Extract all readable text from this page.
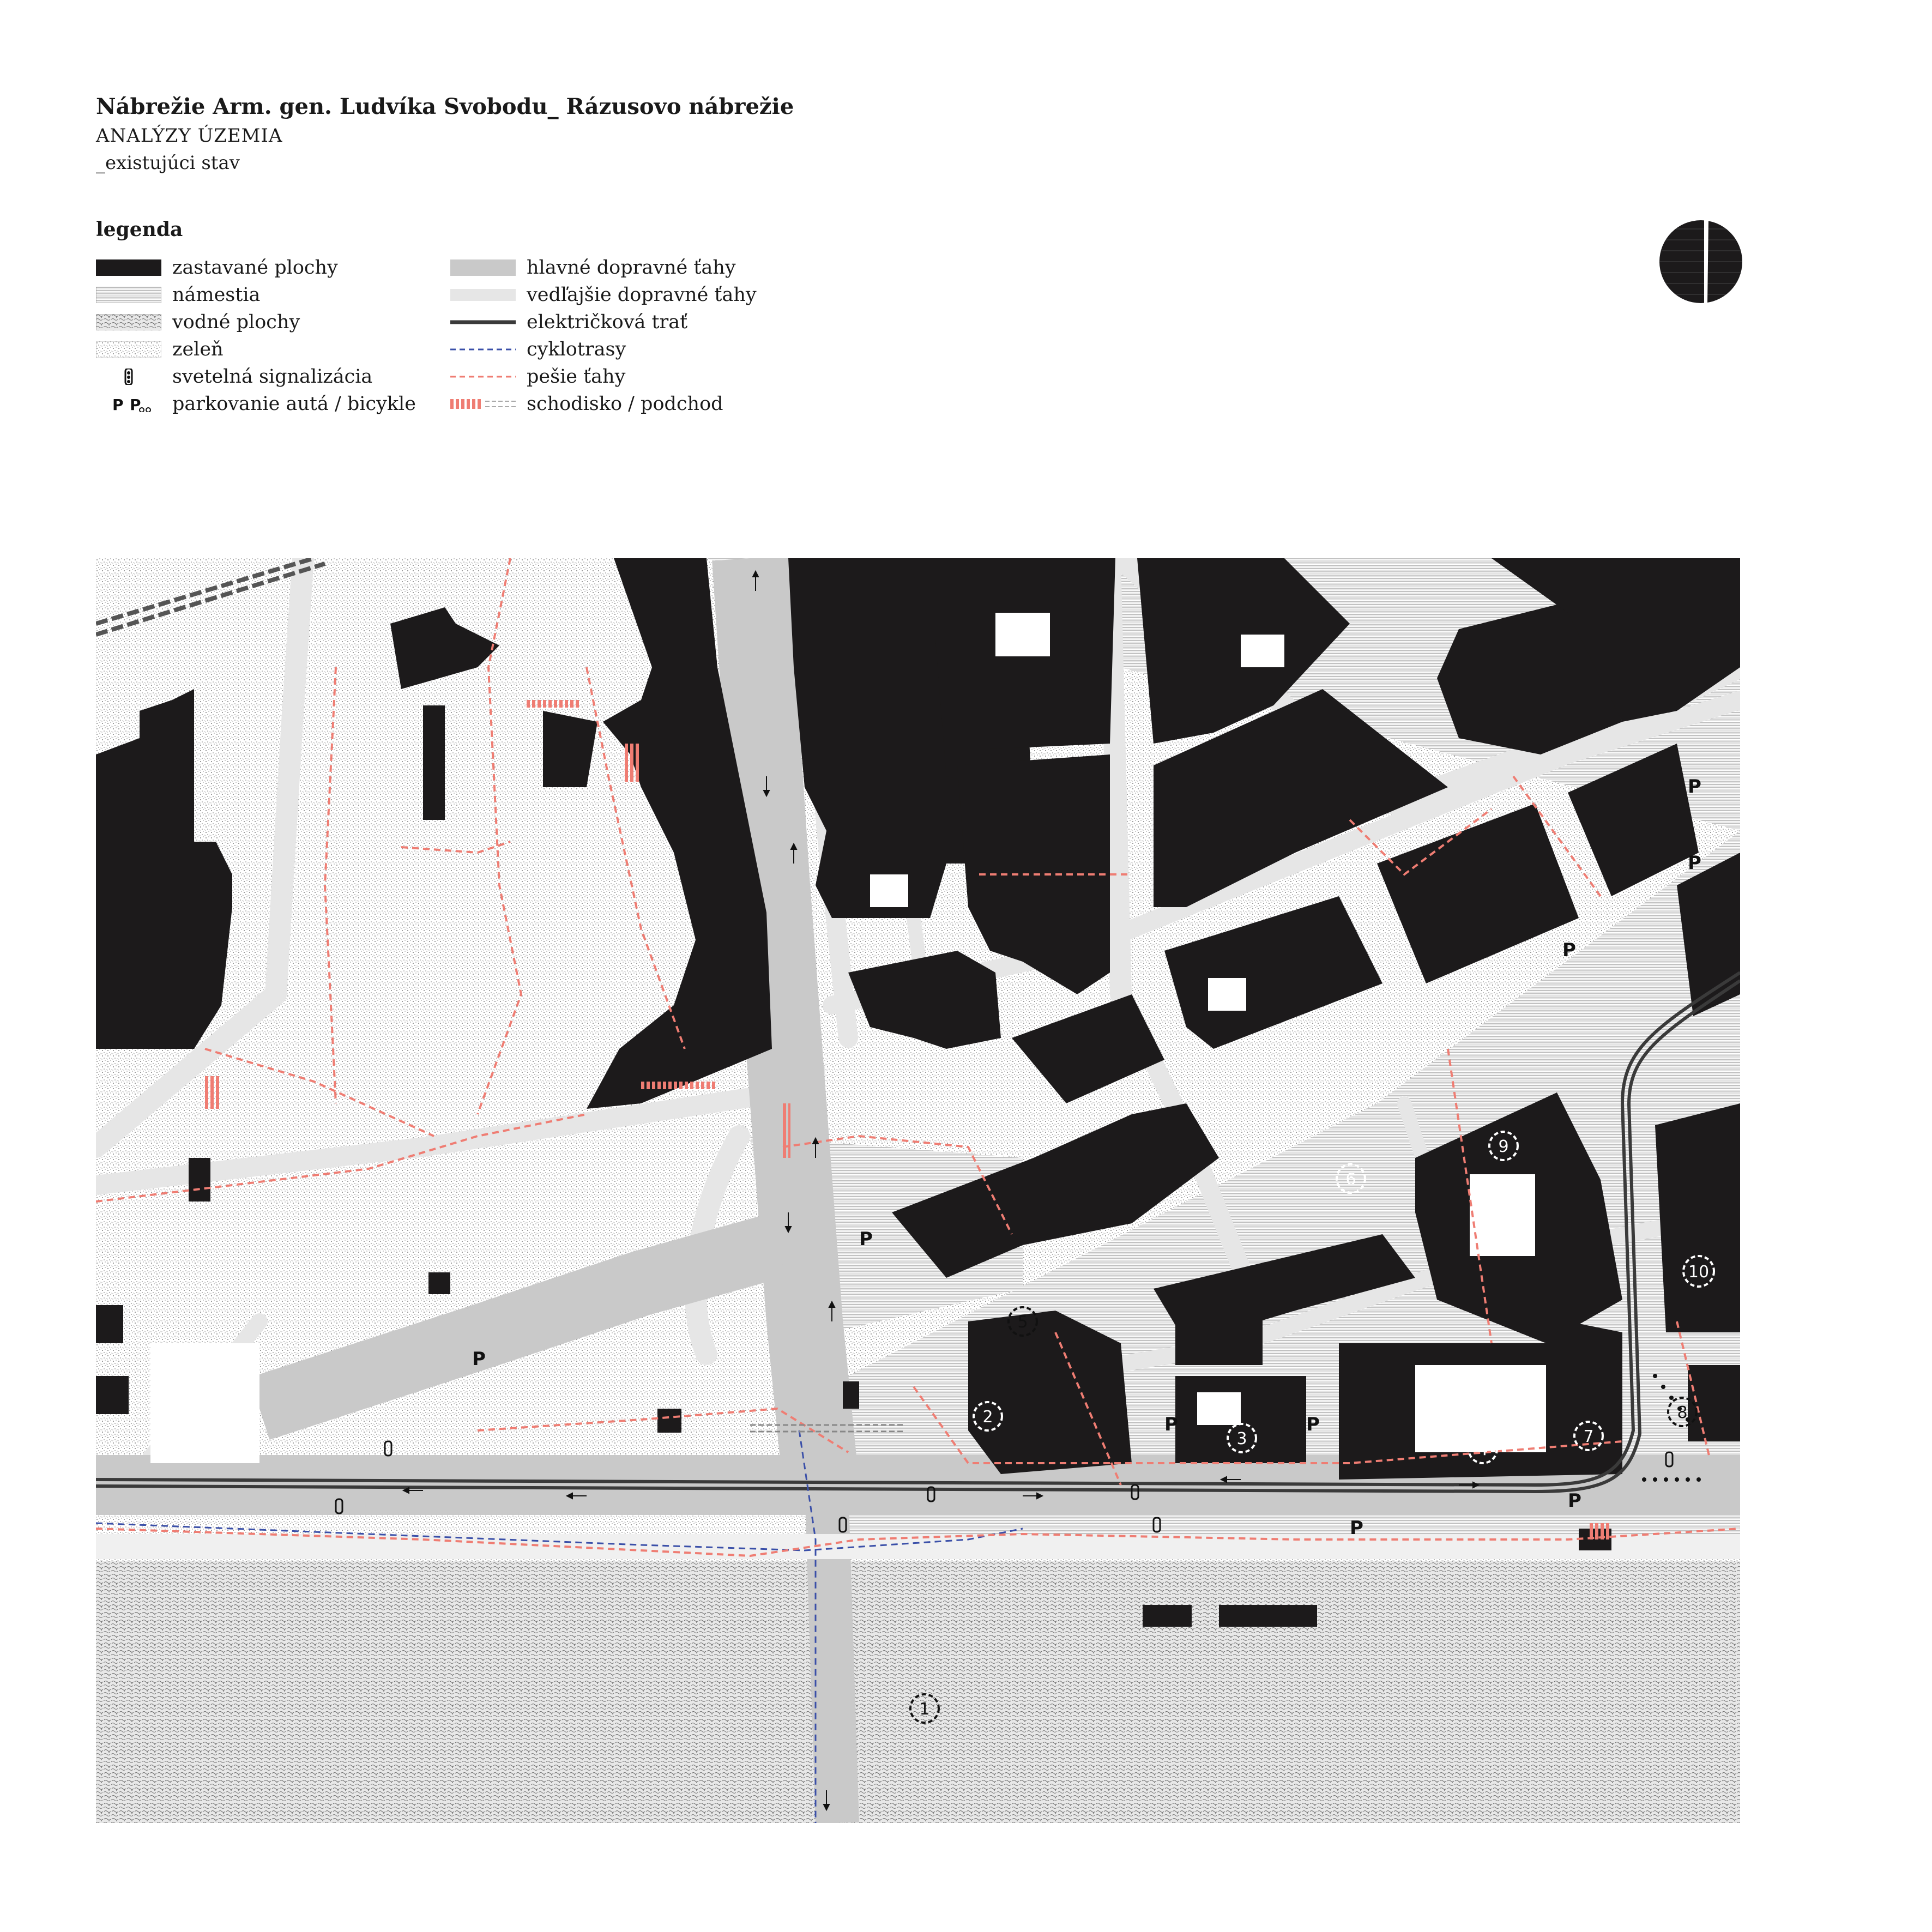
Nábrežie Arm. gen. Ludvíka Svobodu_ Rázusovo nábrežie
ANALÝZY ÚZEMIA
_existujúci stav
legenda
zastavané plochy
námestia
vodné plochy
zeleň
svetelná signalizácia
P P parkovanie autá / bicykle
hlavné dopravné ťahy
vedľajšie dopravné ťahy
električková trať
cyklotrasy
pešie ťahy
schodisko / podchod
P
P	P
P
P
P
P
P
P
1
2
3
4
5
6
7
8
9
10
